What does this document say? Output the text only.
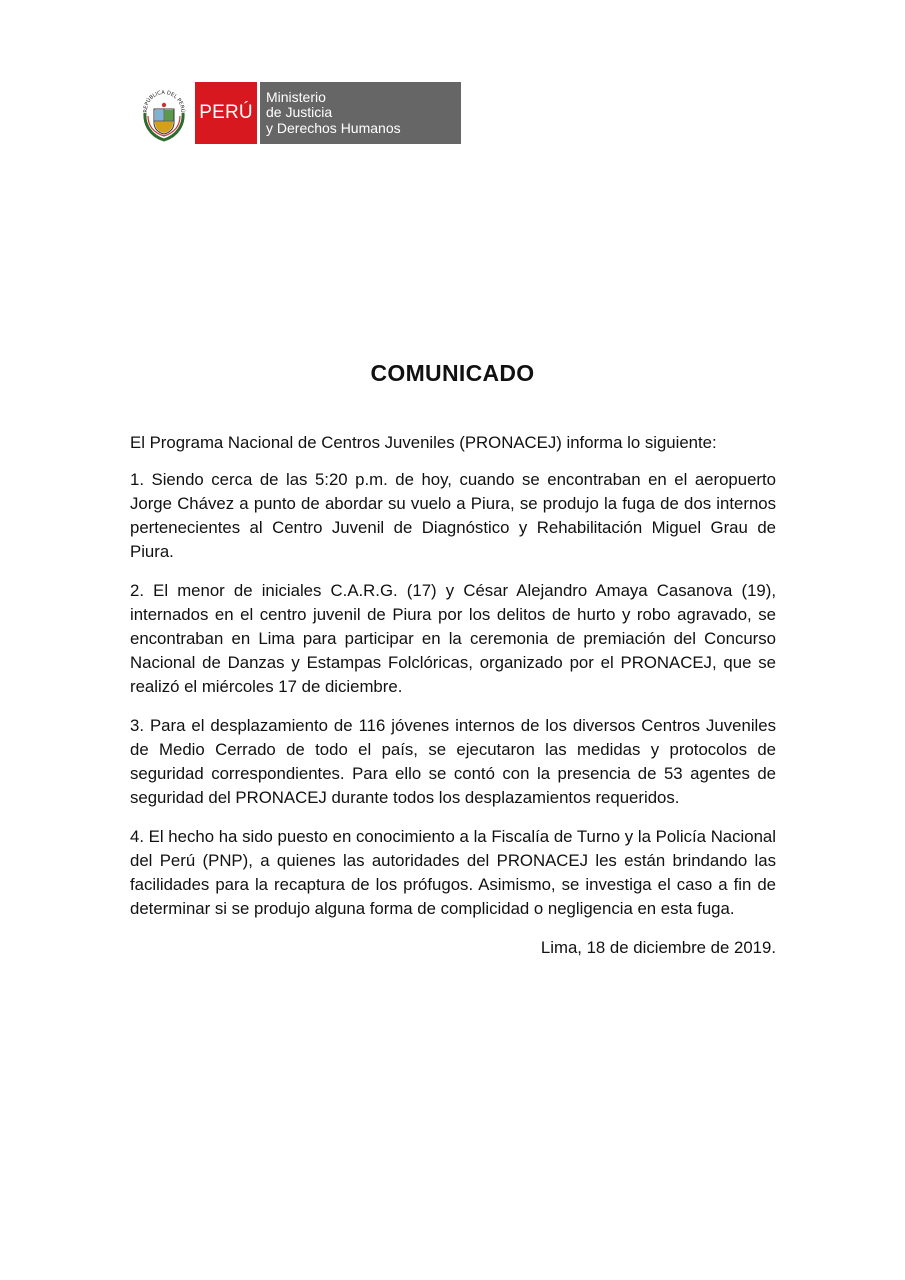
REPÚBLICA DEL PERÚ PERÚ
Ministerio
de Justicia
y Derechos Humanos
COMUNICADO

El Programa Nacional de Centros Juveniles (PRONACEJ) informa lo siguiente:

1. Siendo cerca de las 5:20 p.m. de hoy, cuando se encontraban en el aeropuerto Jorge Chávez a punto de abordar su vuelo a Piura, se produjo la fuga de dos internos pertenecientes al Centro Juvenil de Diagnóstico y Rehabilitación Miguel Grau de Piura.

2. El menor de iniciales C.A.R.G. (17) y César Alejandro Amaya Casanova (19), internados en el centro juvenil de Piura por los delitos de hurto y robo agravado, se encontraban en Lima para participar en la ceremonia de premiación del Concurso Nacional de Danzas y Estampas Folclóricas, organizado por el PRONACEJ, que se realizó el miércoles 17 de diciembre.

3. Para el desplazamiento de 116 jóvenes internos de los diversos Centros Juveniles de Medio Cerrado de todo el país, se ejecutaron las medidas y protocolos de seguridad correspondientes. Para ello se contó con la presencia de 53 agentes de seguridad del PRONACEJ durante todos los desplazamientos requeridos.

4. El hecho ha sido puesto en conocimiento a la Fiscalía de Turno y la Policía Nacional del Perú (PNP), a quienes las autoridades del PRONACEJ les están brindando las facilidades para la recaptura de los prófugos. Asimismo, se investiga el caso a fin de determinar si se produjo alguna forma de complicidad o negligencia en esta fuga.

Lima, 18 de diciembre de 2019.
